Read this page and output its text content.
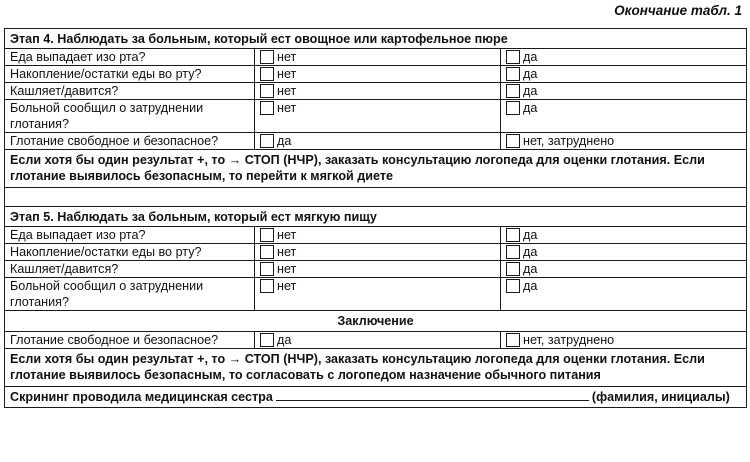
Окончание табл. 1
Этап 4. Наблюдать за больным, который ест овощное или картофельное пюре		
Еда выпадает изо рта?	нет	да

Накопление/остатки еды во рту?	нет	да

Кашляет/давится?	нет	да

Больной сообщил о затруднении глотания?	нет	да

Глотание свободное и безопасное?	да	нет, затруднено

Если хотя бы один результат +, то → СТОП (НЧР), заказать консультацию логопеда для оценки глотания. Если глотание выявилось безопасным, то перейти к мягкой диете		

Этап 5. Наблюдать за больным, который ест мягкую пищу		
Еда выпадает изо рта?	нет	да

Накопление/остатки еды во рту?	нет	да

Кашляет/давится?	нет	да

Больной сообщил о затруднении глотания?	нет	да

Заключение		
Глотание свободное и безопасное?	да	нет, затруднено

Если хотя бы один результат +, то → СТОП (НЧР), заказать консультацию логопеда для оценки глотания. Если глотание выявилось безопасным, то согласовать с логопедом назначение обычного питания		
Скрининг проводила медицинская сестра (фамилия, инициалы)		
